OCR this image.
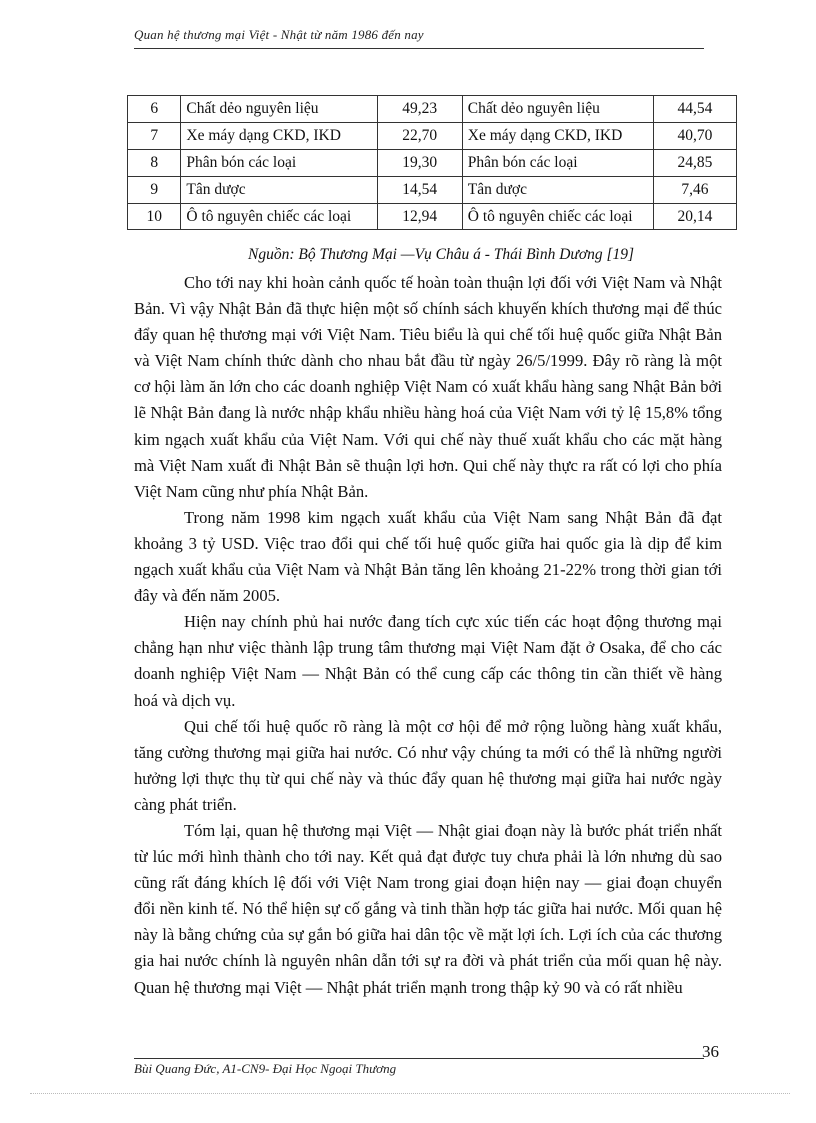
Quan hệ thương mại Việt - Nhật từ năm 1986 đến nay
6	Chất dẻo nguyên liệu	49,23	Chất dẻo nguyên liệu	44,54
7	Xe máy dạng CKD, IKD	22,70	Xe máy dạng CKD, IKD	40,70
8	Phân bón các loại	19,30	Phân bón các loại	24,85
9	Tân dược	14,54	Tân dược	7,46
10	Ô tô nguyên chiếc các loại	12,94	Ô tô nguyên chiếc các loại	20,14
Nguồn: Bộ Thương Mại —Vụ Châu á - Thái Bình Dương [19]

Cho tới nay khi hoàn cảnh quốc tế hoàn toàn thuận lợi đối với Việt Nam và Nhật Bản. Vì vậy Nhật Bản đã thực hiện một số chính sách khuyến khích thương mại để thúc đẩy quan hệ thương mại với Việt Nam. Tiêu biểu là qui chế tối huệ quốc giữa Nhật Bản và Việt Nam chính thức dành cho nhau bắt đầu từ ngày 26/5/1999. Đây rõ ràng là một cơ hội làm ăn lớn cho các doanh nghiệp Việt Nam có xuất khẩu hàng sang Nhật Bản bởi lẽ Nhật Bản đang là nước nhập khẩu nhiều hàng hoá của Việt Nam với tỷ lệ 15,8% tổng kim ngạch xuất khẩu của Việt Nam. Với qui chế này thuế xuất khẩu cho các mặt hàng mà Việt Nam xuất đi Nhật Bản sẽ thuận lợi hơn. Qui chế này thực ra rất có lợi cho phía Việt Nam cũng như phía Nhật Bản.

Trong năm 1998 kim ngạch xuất khẩu của Việt Nam sang Nhật Bản đã đạt khoảng 3 tỷ USD. Việc trao đổi qui chế tối huệ quốc giữa hai quốc gia là dịp để kim ngạch xuất khẩu của Việt Nam và Nhật Bản tăng lên khoảng 21-22% trong thời gian tới đây và đến năm 2005.

Hiện nay chính phủ hai nước đang tích cực xúc tiến các hoạt động thương mại chẳng hạn như việc thành lập trung tâm thương mại Việt Nam đặt ở Osaka, để cho các doanh nghiệp Việt Nam — Nhật Bản có thể cung cấp các thông tin cần thiết về hàng hoá và dịch vụ.

Qui chế tối huệ quốc rõ ràng là một cơ hội để mở rộng luồng hàng xuất khẩu, tăng cường thương mại giữa hai nước. Có như vậy chúng ta mới có thể là những người hưởng lợi thực thụ từ qui chế này và thúc đẩy quan hệ thương mại giữa hai nước ngày càng phát triển.

Tóm lại, quan hệ thương mại Việt — Nhật giai đoạn này là bước phát triển nhất từ lúc mới hình thành cho tới nay. Kết quả đạt được tuy chưa phải là lớn nhưng dù sao cũng rất đáng khích lệ đối với Việt Nam trong giai đoạn hiện nay — giai đoạn chuyển đổi nền kinh tế. Nó thể hiện sự cố gắng và tinh thần hợp tác giữa hai nước. Mối quan hệ này là bằng chứng của sự gắn bó giữa hai dân tộc về mặt lợi ích. Lợi ích của các thương gia hai nước chính là nguyên nhân dẫn tới sự ra đời và phát triển của mối quan hệ này. Quan hệ thương mại Việt — Nhật phát triển mạnh trong thập kỷ 90 và có rất nhiều

36
Bùi Quang Đức, A1-CN9- Đại Học Ngoại Thương
